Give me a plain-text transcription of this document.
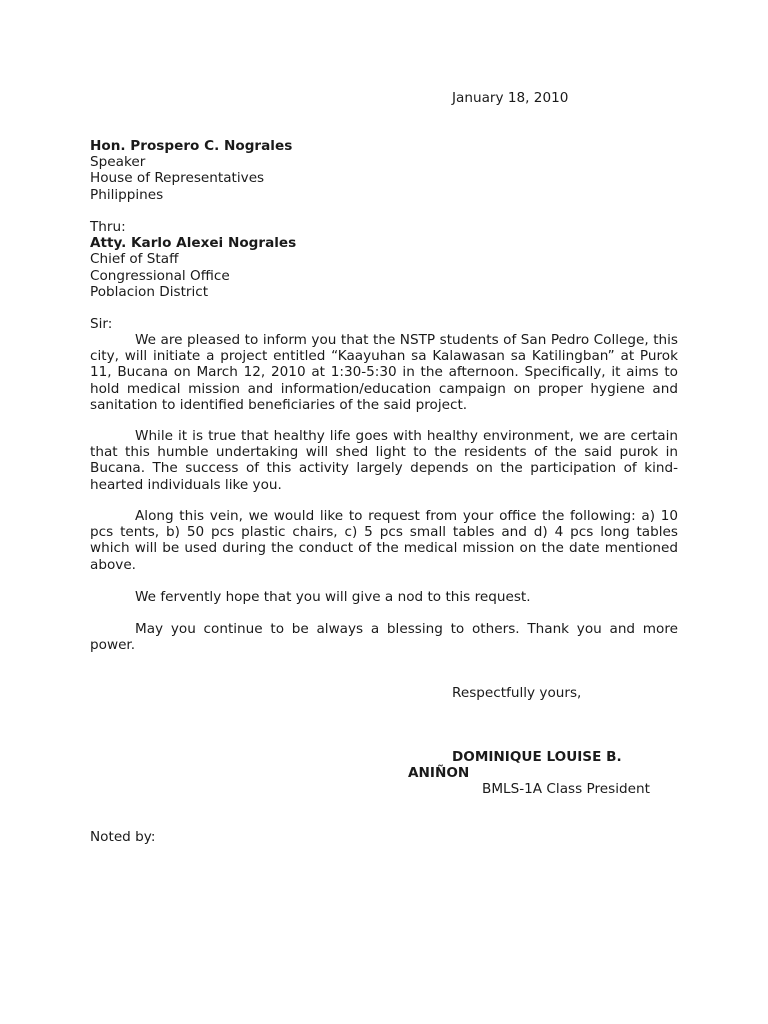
January 18, 2010
Hon. Prospero C. Nograles
Speaker
House of Representatives
Philippines
Thru:
Atty. Karlo Alexei Nograles
Chief of Staff
Congressional Office
Poblacion District
Sir:
We are pleased to inform you that the NSTP students of San Pedro College, this city, will initiate a project entitled “Kaayuhan sa Kalawasan sa Katilingban” at Purok 11, Bucana on March 12, 2010 at 1:30-5:30 in the afternoon. Specifically, it aims to hold medical mission and information/education campaign on proper hygiene and sanitation to identified beneficiaries of the said project.
While it is true that healthy life goes with healthy environment, we are certain that this humble undertaking will shed light to the residents of the said purok in Bucana. The success of this activity largely depends on the participation of kind-hearted individuals like you.
Along this vein, we would like to request from your office the following: a) 10 pcs tents, b) 50 pcs plastic chairs, c) 5 pcs small tables and d) 4 pcs long tables which will be used during the conduct of the medical mission on the date mentioned above.
We fervently hope that you will give a nod to this request.
May you continue to be always a blessing to others. Thank you and more power.
Respectfully yours,
DOMINIQUE LOUISE B.
ANIÑON
BMLS-1A Class President
Noted by:
